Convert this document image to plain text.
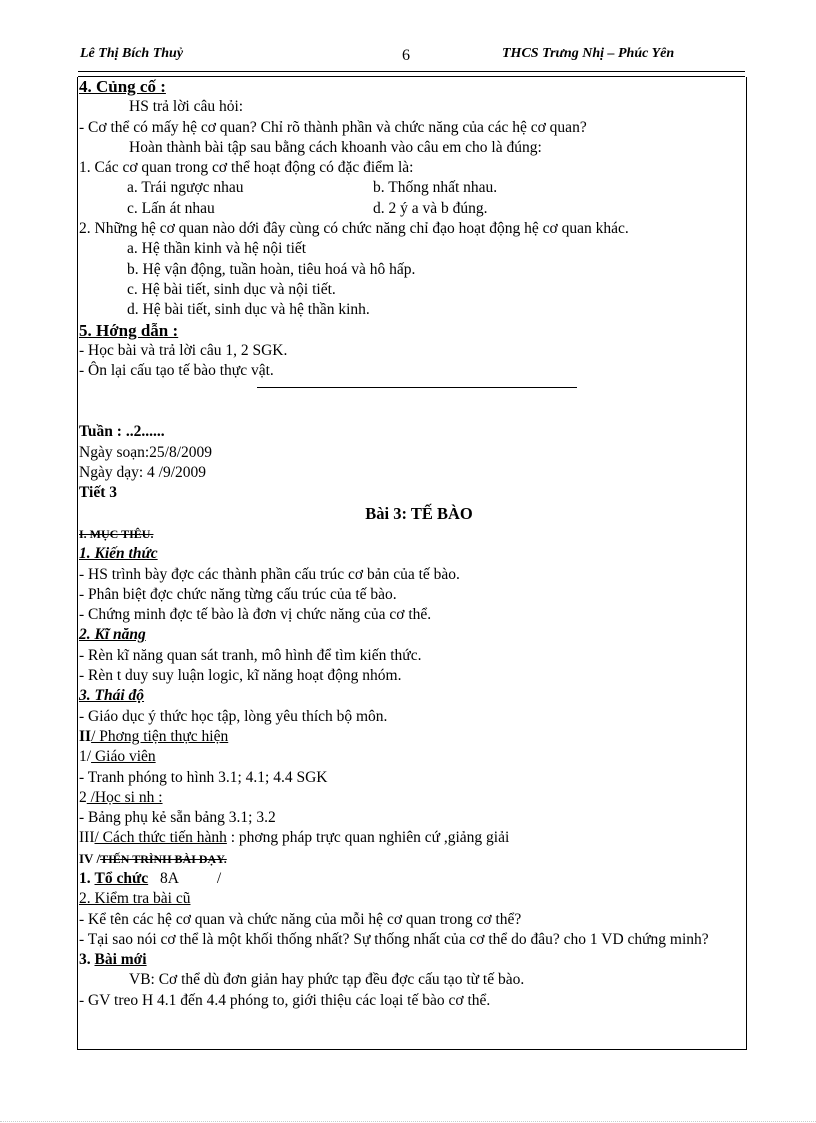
Lê Thị Bích Thuỷ	6	THCS Trưng Nhị – Phúc Yên
4. Củng cố :
HS trả lời câu hỏi:
- Cơ thể có mấy hệ cơ quan? Chỉ rõ thành phần và chức năng của các hệ cơ quan?
Hoàn thành bài tập sau bằng cách khoanh vào câu em cho là đúng:
1. Các cơ quan trong cơ thể hoạt động có đặc điểm là:
a. Trái ngược nhau	b. Thống nhất nhau.
c. Lấn át nhau	d. 2 ý a và b đúng.
2. Những hệ cơ quan nào dới đây cùng có chức năng chỉ đạo hoạt động hệ cơ quan khác.
a. Hệ thần kinh và hệ nội tiết
b. Hệ vận động, tuần hoàn, tiêu hoá và hô hấp.
c. Hệ bài tiết, sinh dục và nội tiết.
d. Hệ bài tiết, sinh dục và hệ thần kinh.
5. Hớng dẫn :
- Học bài và trả lời câu 1, 2 SGK.
- Ôn lại cấu tạo tế bào thực vật.
Tuần : ..2......
Ngày soạn:25/8/2009
Ngày dạy: 4 /9/2009
Tiết 3
Bài 3: TẾ BÀO
I. MỤC TIÊU.
1. Kiến thức
- HS trình bày đợc các thành phần cấu trúc cơ bản của tế bào.
- Phân biệt đợc chức năng từng cấu trúc của tế bào.
- Chứng minh đợc tế bào là đơn vị chức năng của cơ thể.
2. Kĩ năng
- Rèn kĩ năng quan sát tranh, mô hình để tìm kiến thức.
- Rèn t duy suy luận logic, kĩ năng hoạt động nhóm.
3. Thái độ
- Giáo dục ý thức học tập, lòng yêu thích bộ môn.
II/ Phơng tiện thực hiện
1/ Giáo viên
- Tranh phóng to hình 3.1; 4.1; 4.4 SGK
2 /Học si nh :
- Bảng phụ kẻ sẵn bảng 3.1; 3.2
III/ Cách thức tiến hành : phơng pháp trực quan nghiên cứ ,giảng giải
IV /TIẾN TRÌNH BÀI DẠY.
1. Tổ chức 8A          /
2. Kiểm tra bài cũ
- Kể tên các hệ cơ quan và chức năng của mỗi hệ cơ quan trong cơ thể?
- Tại sao nói cơ thể là một khối thống nhất? Sự thống nhất của cơ thể do đâu? cho 1 VD chứng minh?
3. Bài mới
VB: Cơ thể dù đơn giản hay phức tạp đều đợc cấu tạo từ tế bào.
- GV treo H 4.1 đến 4.4 phóng to, giới thiệu các loại tế bào cơ thể.
